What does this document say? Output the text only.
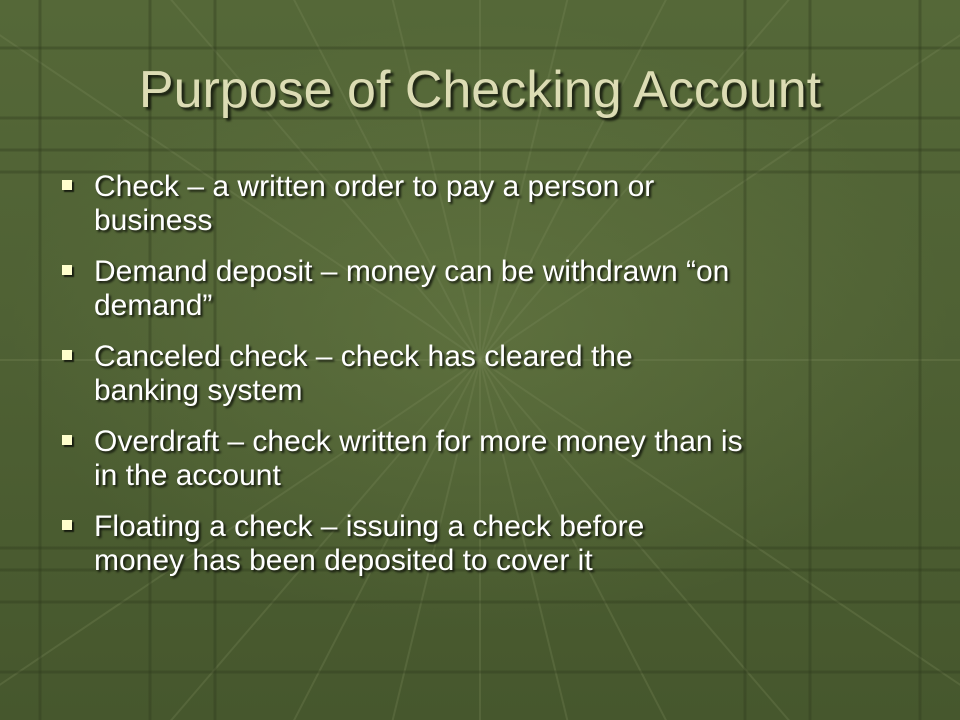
Purpose of Checking Account
Check – a written order to pay a person or
business
Demand deposit – money can be withdrawn “on
demand”
Canceled check – check has cleared the
banking system
Overdraft – check written for more money than is
in the account
Floating a check – issuing a check before
money has been deposited to cover it
